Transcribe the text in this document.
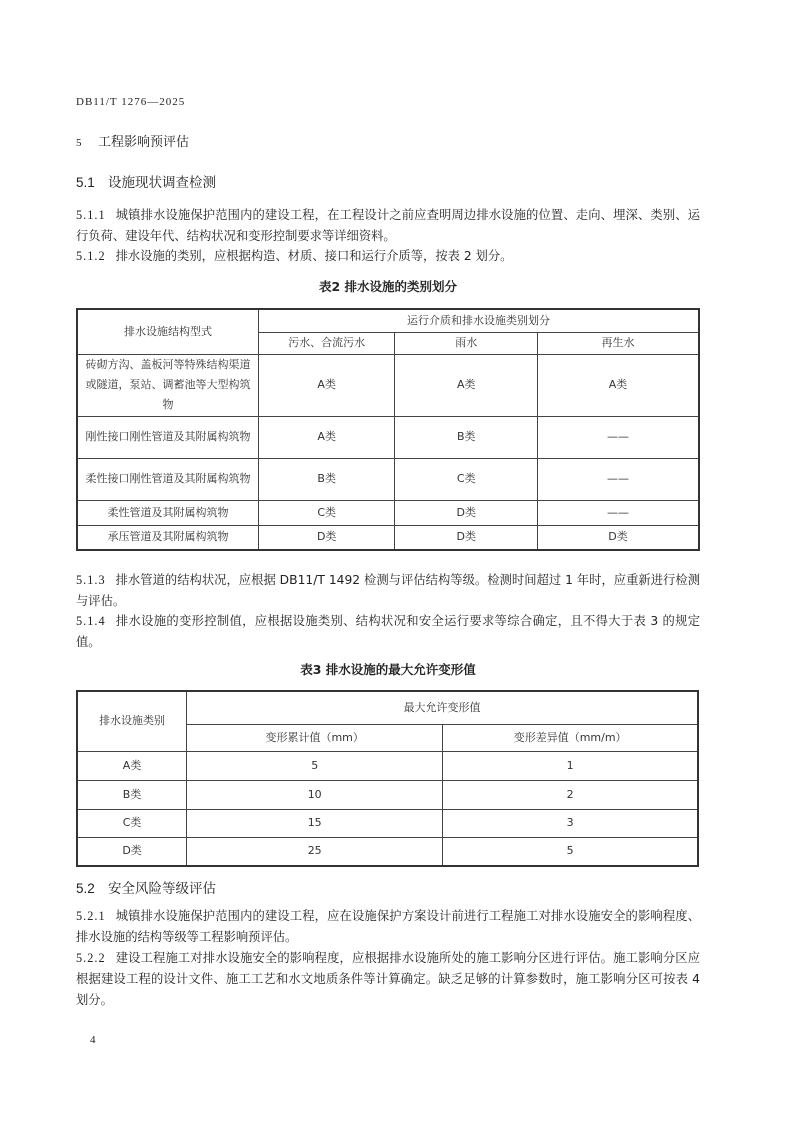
DB11/T 1276—2025
5 工程影响预评估
5.1 设施现状调查检测
5.1.1 城镇排水设施保护范围内的建设工程，在工程设计之前应查明周边排水设施的位置、走向、埋深、类别、运行负荷、建设年代、结构状况和变形控制要求等详细资料。
5.1.2 排水设施的类别，应根据构造、材质、接口和运行介质等，按表 2 划分。
表2 排水设施的类别划分
排水设施结构型式	运行介质和排水设施类别划分		
	污水、合流污水	雨水	再生水
砖砌方沟、盖板河等特殊结构渠道或隧道，泵站、调蓄池等大型构筑物	A类	A类	A类
刚性接口刚性管道及其附属构筑物	A类	B类	——
柔性接口刚性管道及其附属构筑物	B类	C类	——
柔性管道及其附属构筑物	C类	D类	——
承压管道及其附属构筑物	D类	D类	D类
5.1.3 排水管道的结构状况，应根据 DB11/T 1492 检测与评估结构等级。检测时间超过 1 年时，应重新进行检测与评估。
5.1.4 排水设施的变形控制值，应根据设施类别、结构状况和安全运行要求等综合确定，且不得大于表 3 的规定值。
表3 排水设施的最大允许变形值
排水设施类别	最大允许变形值	
	变形累计值（mm）	变形差异值（mm/m）
A类	5	1
B类	10	2
C类	15	3
D类	25	5
5.2 安全风险等级评估
5.2.1 城镇排水设施保护范围内的建设工程，应在设施保护方案设计前进行工程施工对排水设施安全的影响程度、排水设施的结构等级等工程影响预评估。
5.2.2 建设工程施工对排水设施安全的影响程度，应根据排水设施所处的施工影响分区进行评估。施工影响分区应根据建设工程的设计文件、施工工艺和水文地质条件等计算确定。缺乏足够的计算参数时，施工影响分区可按表 4 划分。
4
